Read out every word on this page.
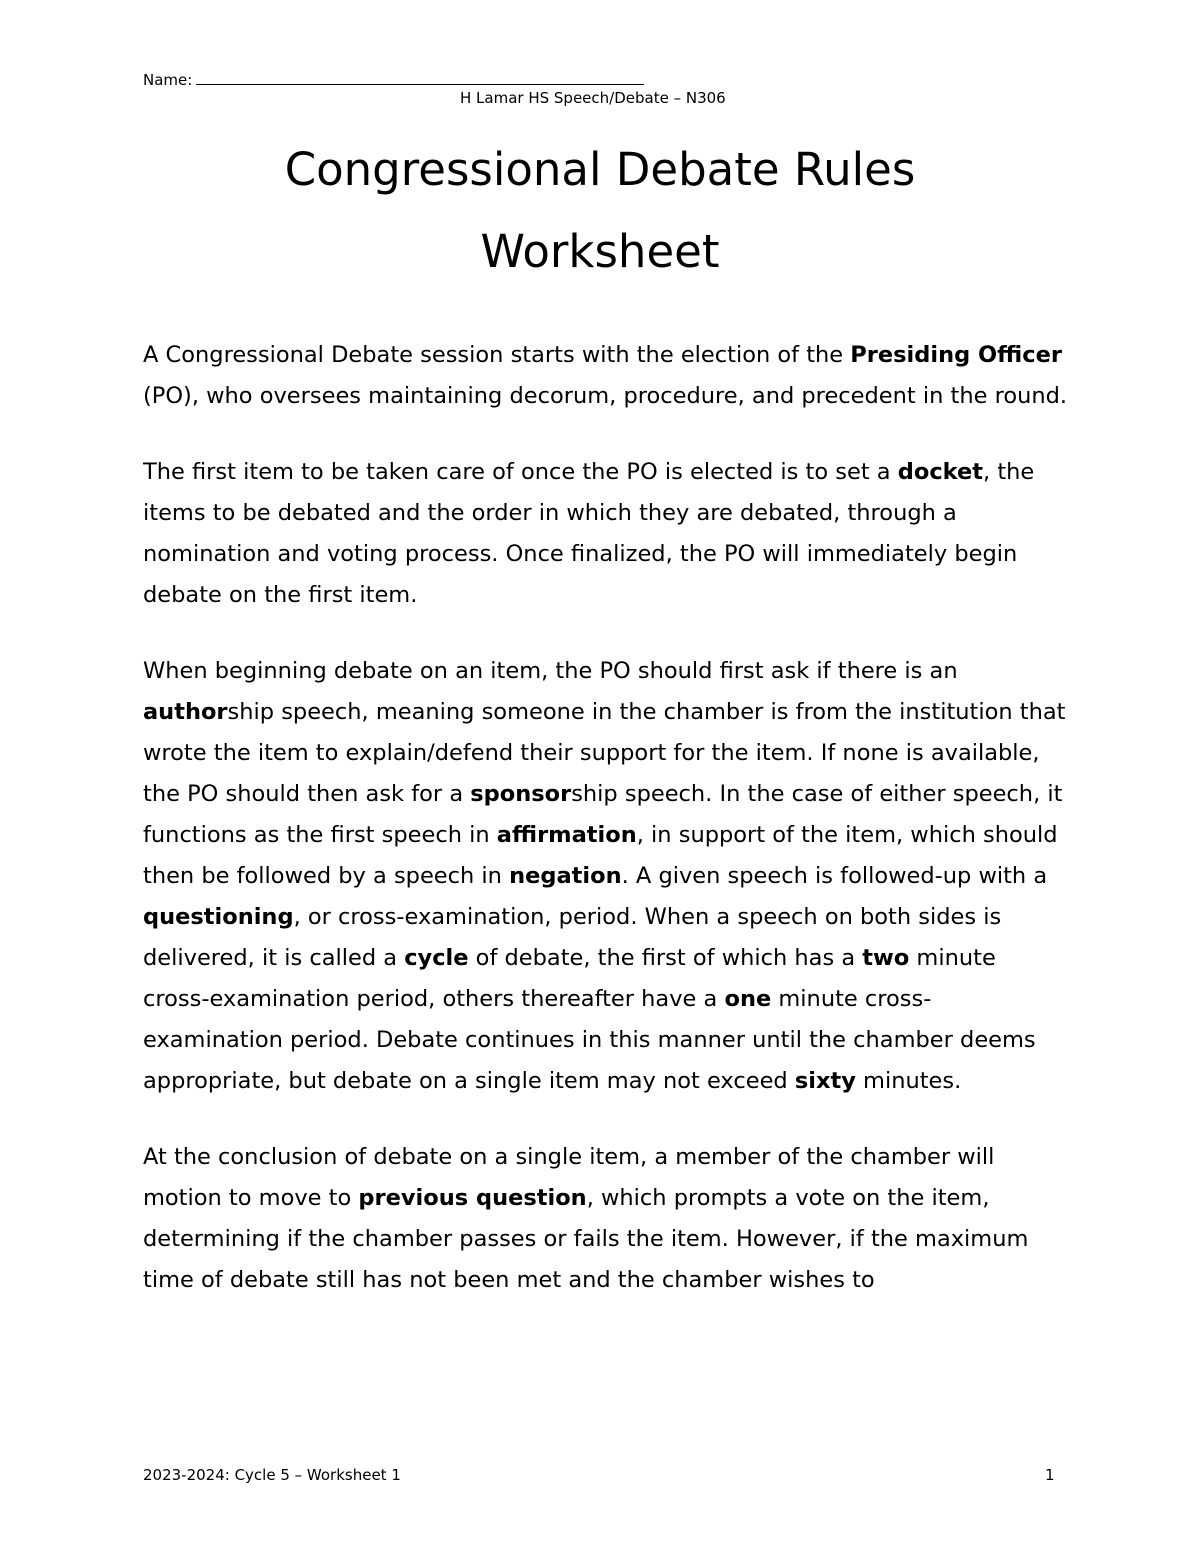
Name:
H Lamar HS Speech/Debate – N306
Congressional Debate Rules
Worksheet

A Congressional Debate session starts with the election of the Presiding Officer (PO), who oversees maintaining decorum, procedure, and precedent in the round.

The first item to be taken care of once the PO is elected is to set a docket, the items to be debated and the order in which they are debated, through a nomination and voting process. Once finalized, the PO will immediately begin debate on the first item.

When beginning debate on an item, the PO should first ask if there is an authorship speech, meaning someone in the chamber is from the institution that wrote the item to explain/defend their support for the item. If none is available, the PO should then ask for a sponsorship speech. In the case of either speech, it functions as the first speech in affirmation, in support of the item, which should then be followed by a speech in negation. A given speech is followed-up with a questioning, or cross-examination, period. When a speech on both sides is delivered, it is called a cycle of debate, the first of which has a two minute cross-examination period, others thereafter have a one minute cross-examination period. Debate continues in this manner until the chamber deems appropriate, but debate on a single item may not exceed sixty minutes.

At the conclusion of debate on a single item, a member of the chamber will motion to move to previous question, which prompts a vote on the item, determining if the chamber passes or fails the item. However, if the maximum time of debate still has not been met and the chamber wishes to

2023-2024: Cycle 5 – Worksheet 1	1
